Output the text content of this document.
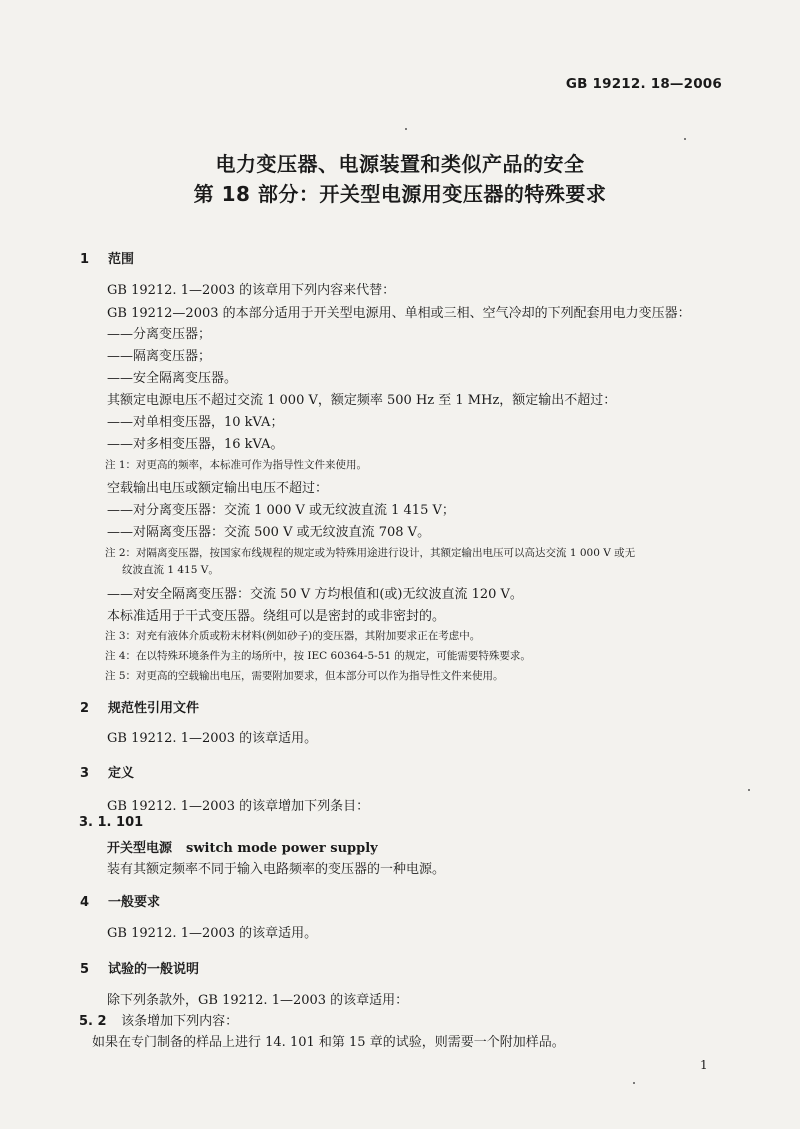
GB 19212. 18—2006
电力变压器、电源装置和类似产品的安全
第 18 部分：开关型电源用变压器的特殊要求
1 范围
GB 19212. 1—2003 的该章用下列内容来代替：
GB 19212—2003 的本部分适用于开关型电源用、单相或三相、空气冷却的下列配套用电力变压器：
——分离变压器；
——隔离变压器；
——安全隔离变压器。
其额定电源电压不超过交流 1 000 V，额定频率 500 Hz 至 1 MHz，额定输出不超过：
——对单相变压器，10 kVA；
——对多相变压器，16 kVA。
注 1：对更高的频率，本标准可作为指导性文件来使用。
空载输出电压或额定输出电压不超过：
——对分离变压器：交流 1 000 V 或无纹波直流 1 415 V；
——对隔离变压器：交流 500 V 或无纹波直流 708 V。
注 2：对隔离变压器，按国家布线规程的规定或为特殊用途进行设计，其额定输出电压可以高达交流 1 000 V 或无
纹波直流 1 415 V。
——对安全隔离变压器：交流 50 V 方均根值和(或)无纹波直流 120 V。
本标准适用于干式变压器。绕组可以是密封的或非密封的。
注 3：对充有液体介质或粉末材料(例如砂子)的变压器，其附加要求正在考虑中。
注 4：在以特殊环境条件为主的场所中，按 IEC 60364-5-51 的规定，可能需要特殊要求。
注 5：对更高的空载输出电压，需要附加要求，但本部分可以作为指导性文件来使用。
2 规范性引用文件
GB 19212. 1—2003 的该章适用。
3 定义
GB 19212. 1—2003 的该章增加下列条目：
3. 1. 101
开关型电源 switch mode power supply
装有其额定频率不同于输入电路频率的变压器的一种电源。
4 一般要求
GB 19212. 1—2003 的该章适用。
5 试验的一般说明
除下列条款外，GB 19212. 1—2003 的该章适用：
5. 2 该条增加下列内容：
如果在专门制备的样品上进行 14. 101 和第 15 章的试验，则需要一个附加样品。
1
